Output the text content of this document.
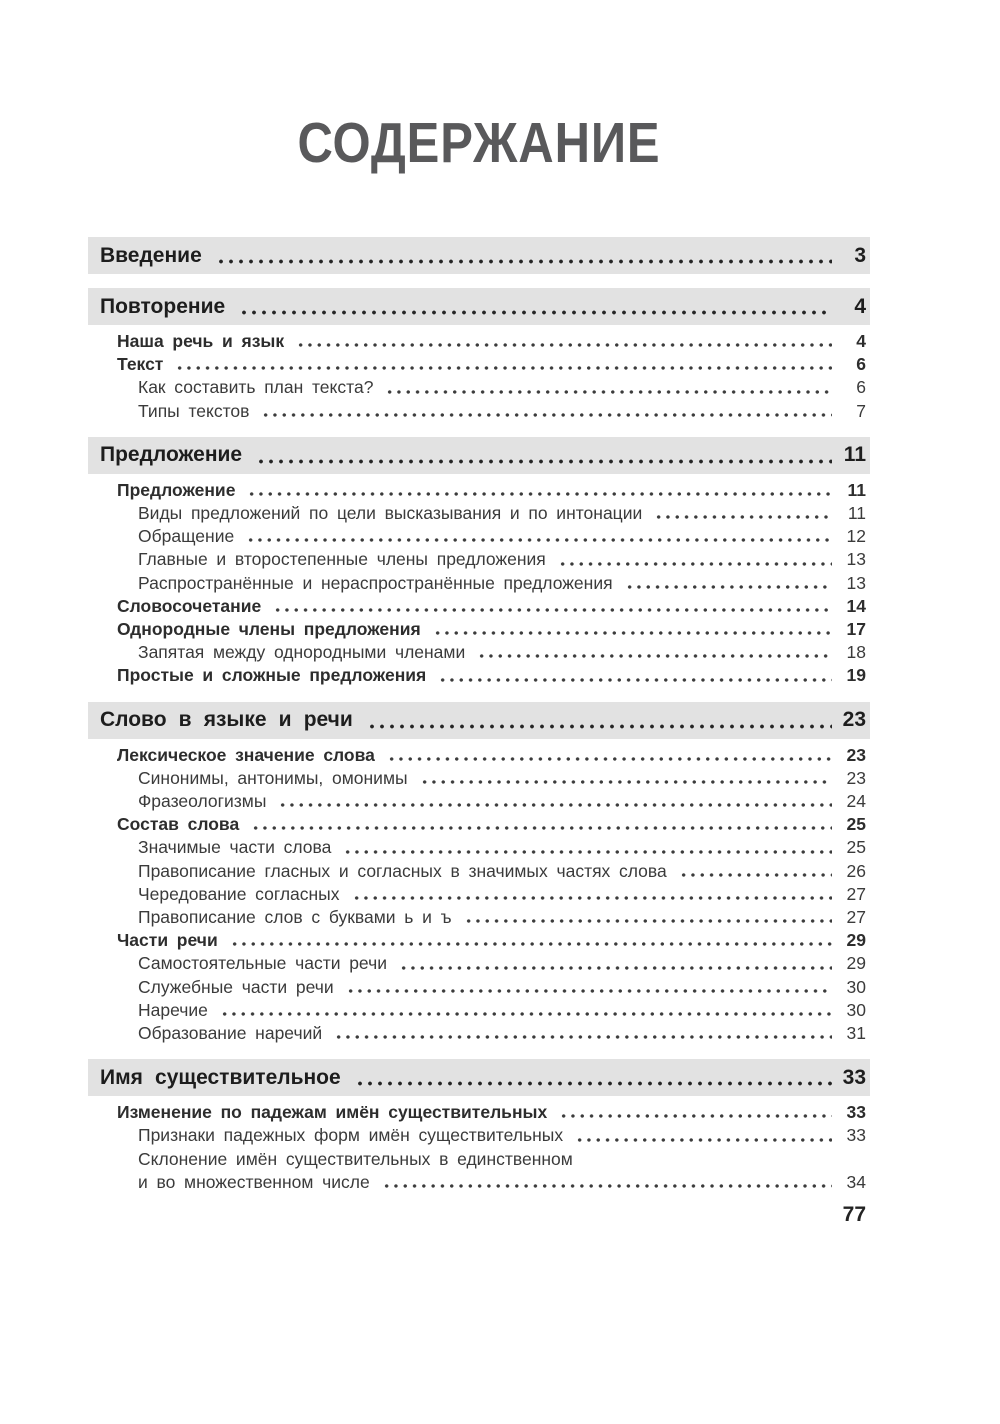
СОДЕРЖАНИЕ
Введение	3
Повторение	4
Наша речь и язык	4
Текст	6
Как составить план текста?	6
Типы текстов	7
Предложение	11
Предложение	11
Виды предложений по цели высказывания и по интонации	11
Обращение	12
Главные и второстепенные члены предложения	13
Распространённые и нераспространённые предложения	13
Словосочетание	14
Однородные члены предложения	17
Запятая между однородными членами	18
Простые и сложные предложения	19
Слово в языке и речи	23
Лексическое значение слова	23
Синонимы, антонимы, омонимы	23
Фразеологизмы	24
Состав слова	25
Значимые части слова	25
Правописание гласных и согласных в значимых частях слова	26
Чередование согласных	27
Правописание слов с буквами ь и ъ	27
Части речи	29
Самостоятельные части речи	29
Служебные части речи	30
Наречие	30
Образование наречий	31
Имя существительное	33
Изменение по падежам имён существительных	33
Признаки падежных форм имён существительных	33
Склонение имён существительных в единственном
и во множественном числе	34
77
